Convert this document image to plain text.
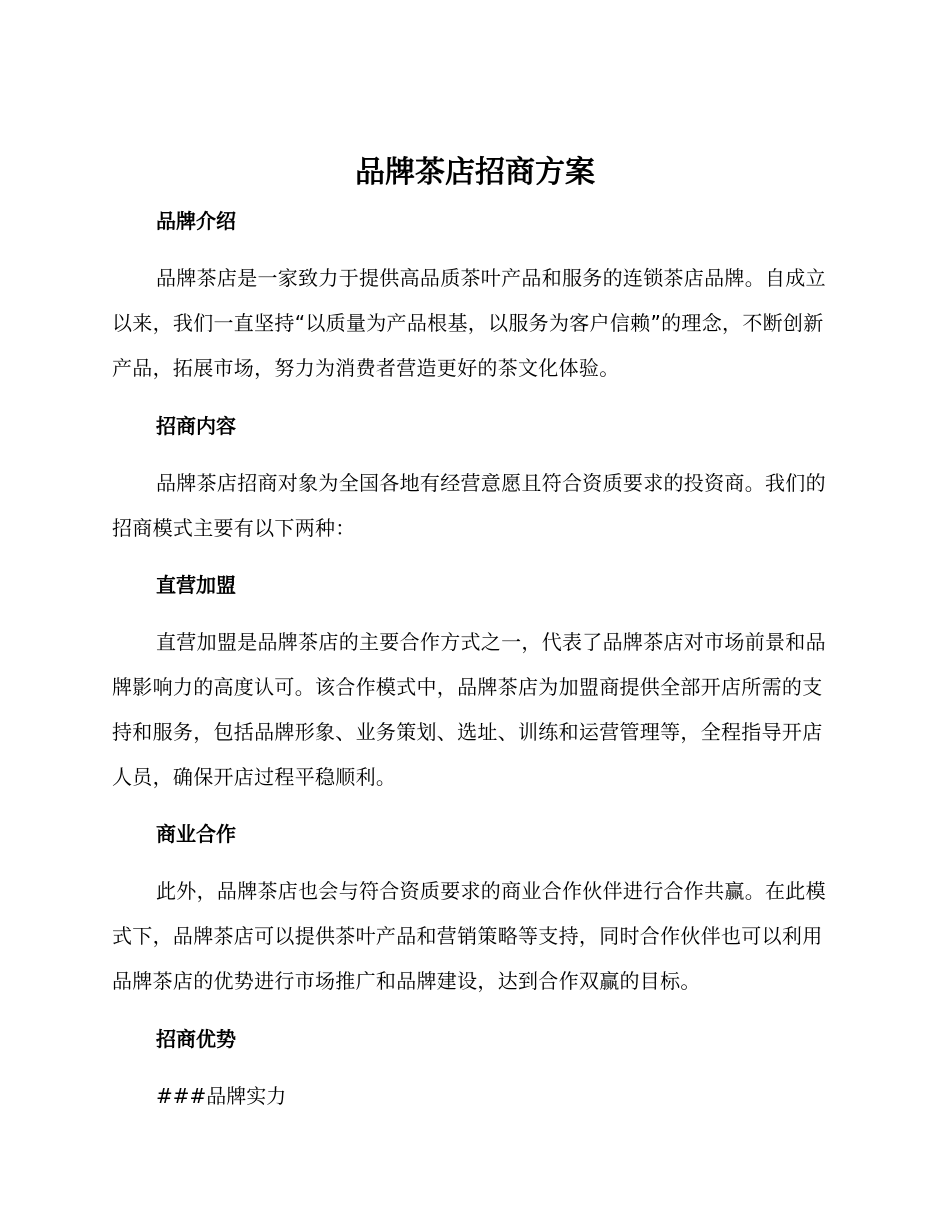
品牌茶店招商方案
品牌介绍

品牌茶店是一家致力于提供高品质茶叶产品和服务的连锁茶店品牌。自成立以来，我们一直坚持“以质量为产品根基，以服务为客户信赖”的理念，不断创新产品，拓展市场，努力为消费者营造更好的茶文化体验。

招商内容

品牌茶店招商对象为全国各地有经营意愿且符合资质要求的投资商。我们的招商模式主要有以下两种：

直营加盟

直营加盟是品牌茶店的主要合作方式之一，代表了品牌茶店对市场前景和品牌影响力的高度认可。该合作模式中，品牌茶店为加盟商提供全部开店所需的支持和服务，包括品牌形象、业务策划、选址、训练和运营管理等，全程指导开店人员，确保开店过程平稳顺利。

商业合作

此外，品牌茶店也会与符合资质要求的商业合作伙伴进行合作共赢。在此模式下，品牌茶店可以提供茶叶产品和营销策略等支持，同时合作伙伴也可以利用品牌茶店的优势进行市场推广和品牌建设，达到合作双赢的目标。

招商优势

###品牌实力
